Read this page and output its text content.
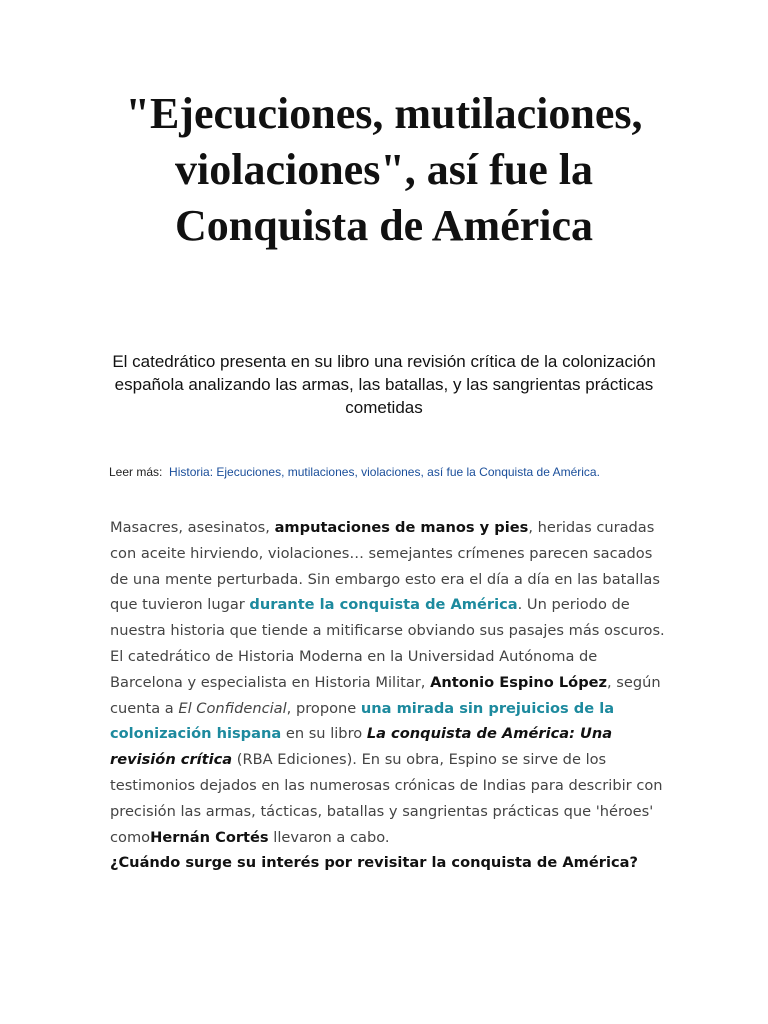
"Ejecuciones, mutilaciones, violaciones", así fue la Conquista de América

El catedrático presenta en su libro una revisión crítica de la colonización española analizando las armas, las batallas, y las sangrientas prácticas cometidas

Leer más: Historia: Ejecuciones, mutilaciones, violaciones, así fue la Conquista de América.

Masacres, asesinatos, amputaciones de manos y pies, heridas curadas con aceite hirviendo, violaciones… semejantes crímenes parecen sacados de una mente perturbada. Sin embargo esto era el día a día en las batallas que tuvieron lugar durante la conquista de América. Un periodo de nuestra historia que tiende a mitificarse obviando sus pasajes más oscuros. El catedrático de Historia Moderna en la Universidad Autónoma de Barcelona y especialista en Historia Militar, Antonio Espino López, según cuenta a El Confidencial, propone una mirada sin prejuicios de la colonización hispana en su libro La conquista de América: Una revisión crítica (RBA Ediciones). En su obra, Espino se sirve de los testimonios dejados en las numerosas crónicas de Indias para describir con precisión las armas, tácticas, batallas y sangrientas prácticas que 'héroes' comoHernán Cortés llevaron a cabo.
¿Cuándo surge su interés por revisitar la conquista de América?
